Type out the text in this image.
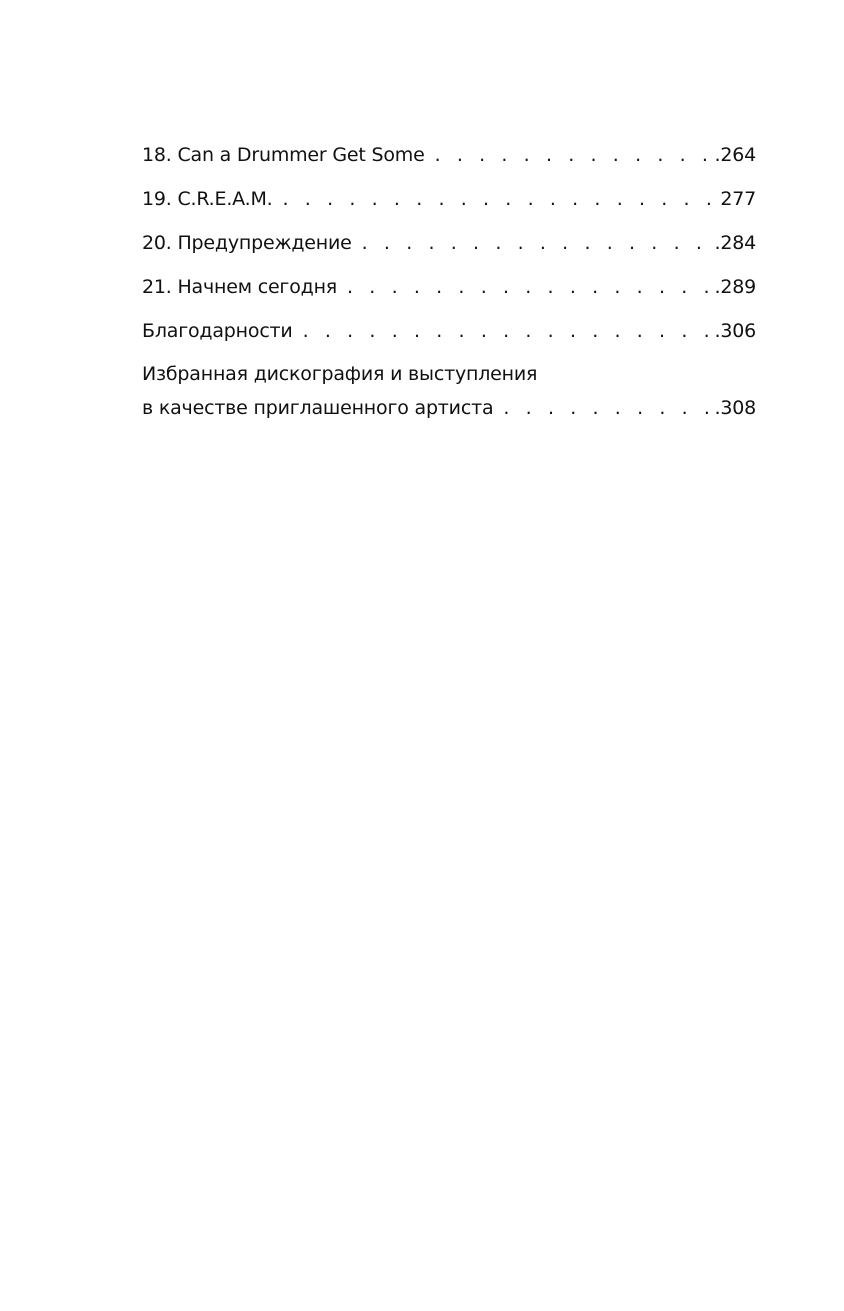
18. Can a Drummer Get Some . . .	.264
19. C.R.E.A.M. . . .	277
20. Предупреждение . . .	.284
21. Начнем сегодня . . .	.289
Благодарности . . .	.306
Избранная дискография и выступления
в качестве приглашенного артиста . . .	.308
